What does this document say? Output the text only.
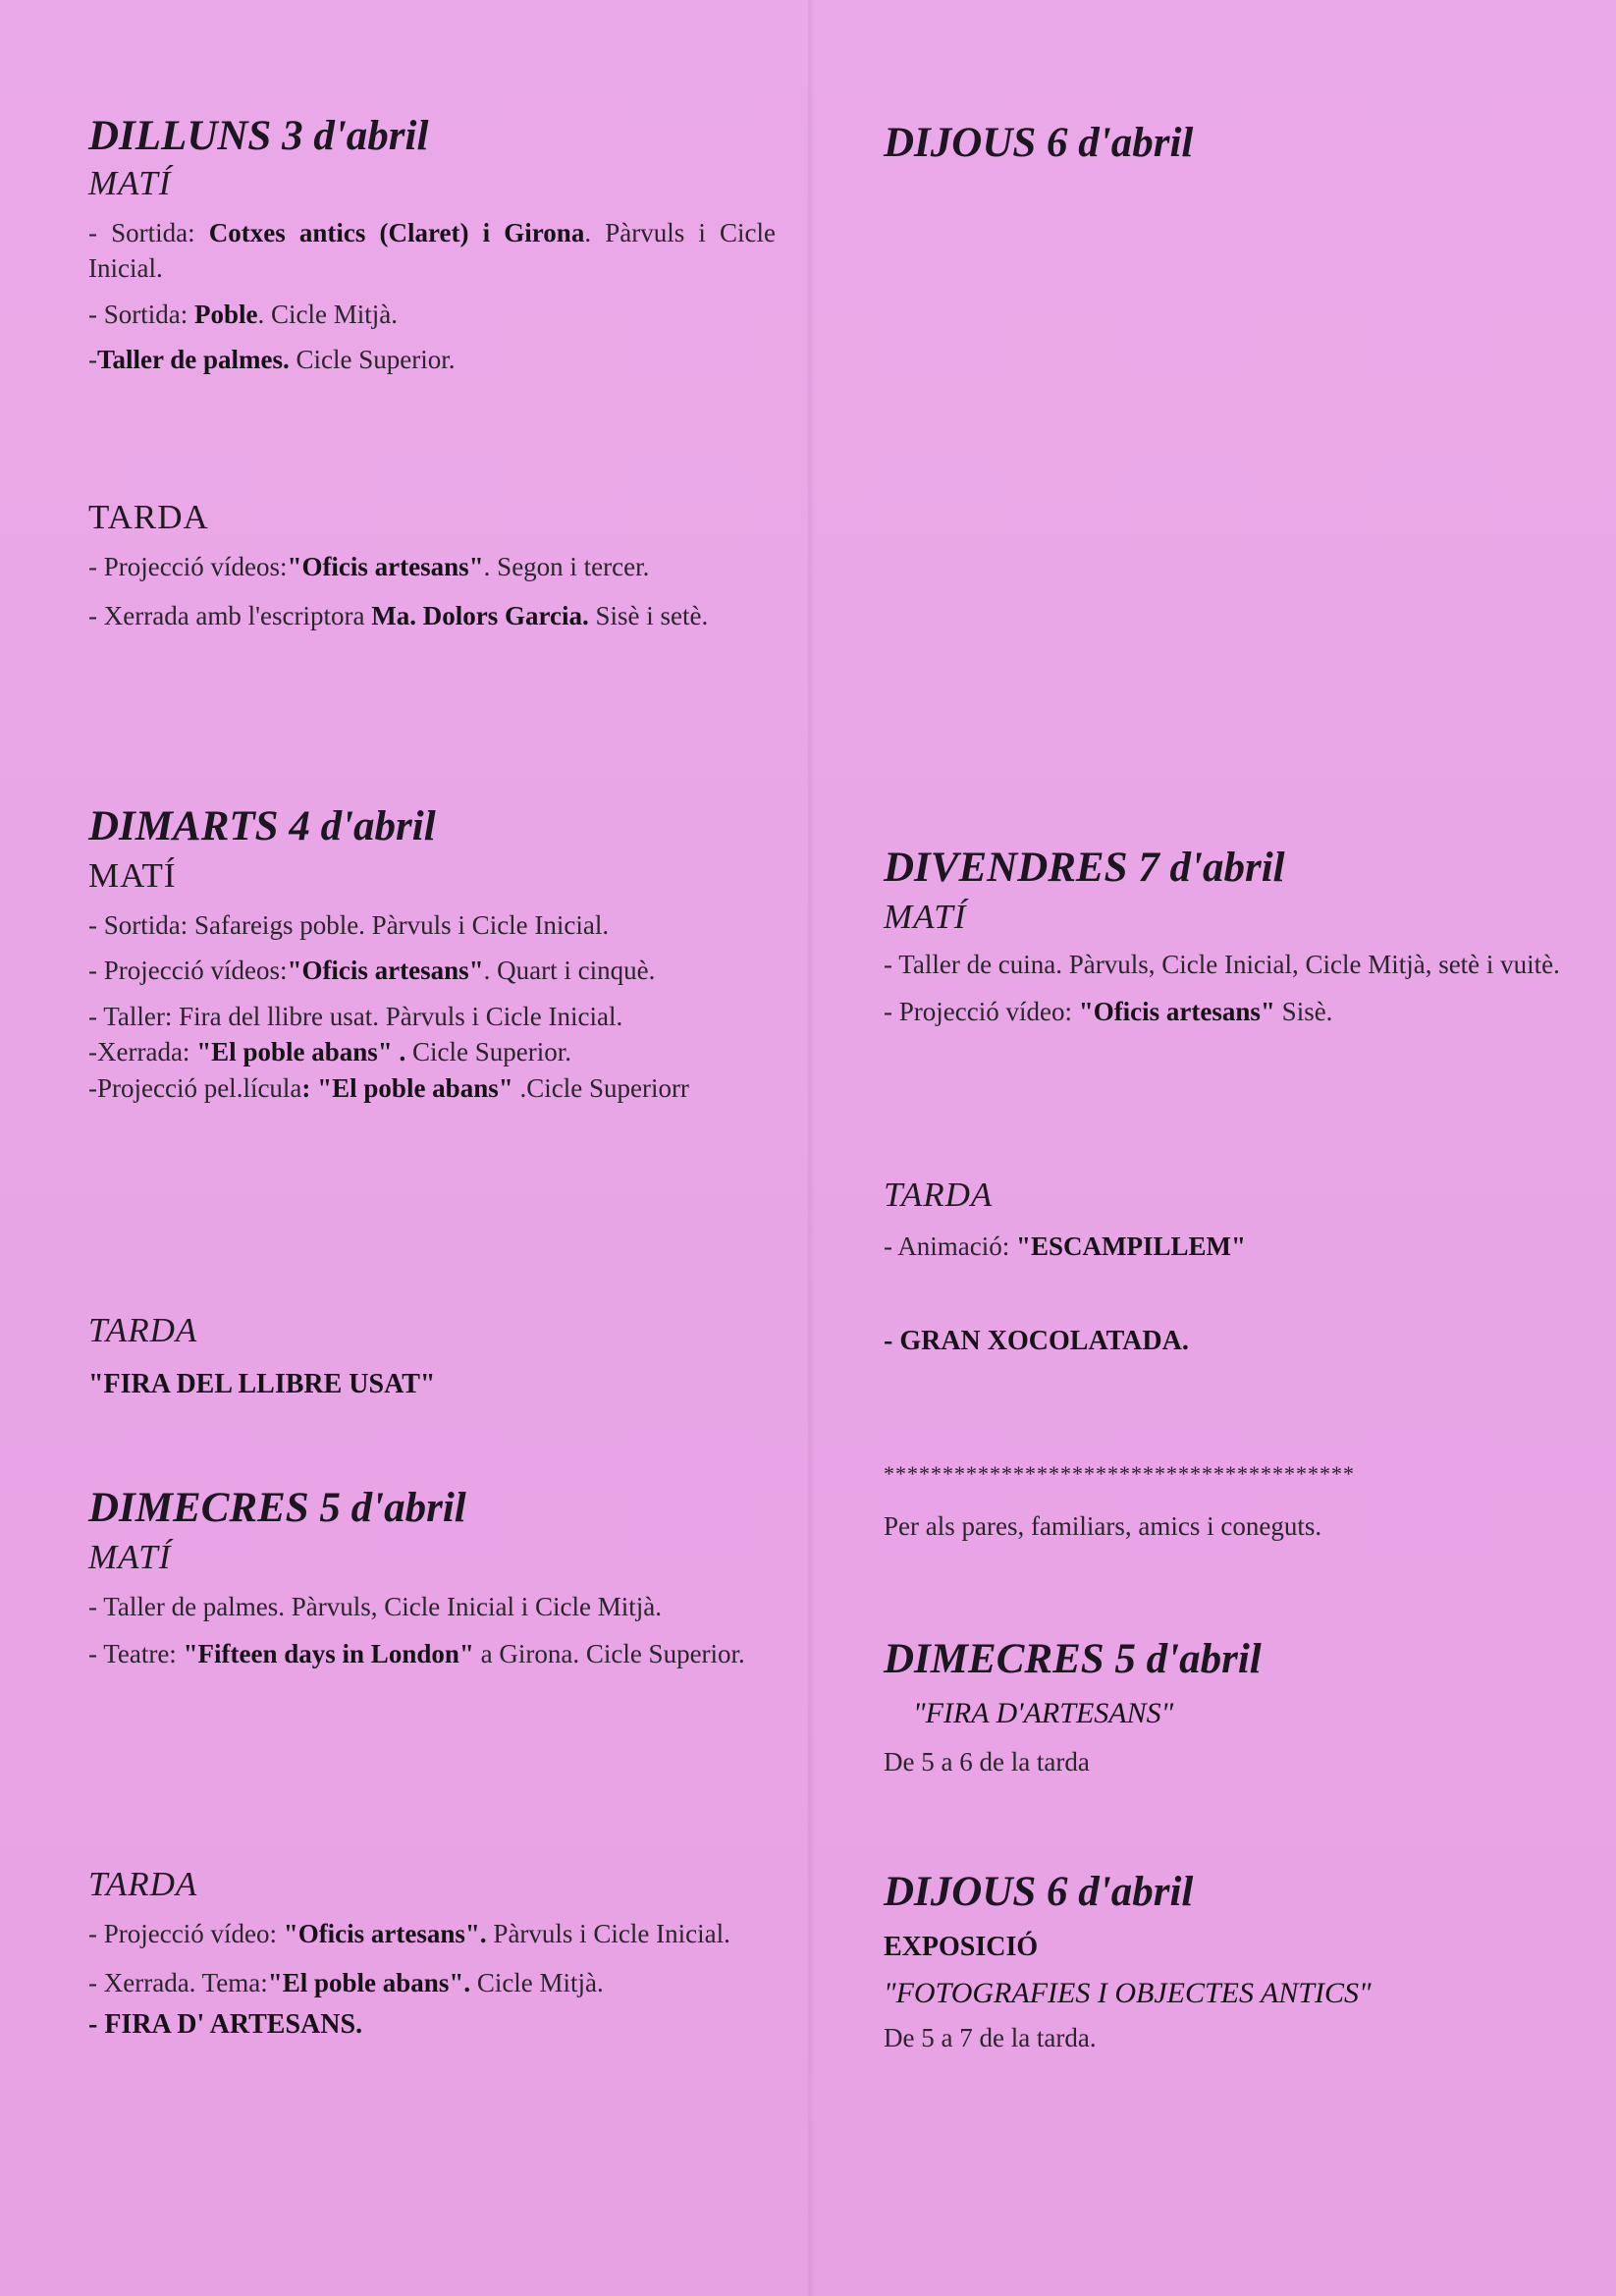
DILLUNS 3 d'abril

MATÍ

- Sortida: Cotxes antics (Claret) i Girona. Pàrvuls i Cicle Inicial.

- Sortida: Poble. Cicle Mitjà.

-Taller de palmes. Cicle Superior.

TARDA

- Projecció vídeos:"Oficis artesans". Segon i tercer.

- Xerrada amb l'escriptora Ma. Dolors Garcia. Sisè i setè.

DIMARTS 4 d'abril

MATÍ

- Sortida: Safareigs poble. Pàrvuls i Cicle Inicial.

- Projecció vídeos:"Oficis artesans". Quart i cinquè.

- Taller: Fira del llibre usat. Pàrvuls i Cicle Inicial.

-Xerrada: "El poble abans" . Cicle Superior.

-Projecció pel.lícula: "El poble abans" .Cicle Superiorr

TARDA

"FIRA DEL LLIBRE USAT"

DIMECRES 5 d'abril

MATÍ

- Taller de palmes. Pàrvuls, Cicle Inicial i Cicle Mitjà.

- Teatre: "Fifteen days in London" a Girona. Cicle Superior.

TARDA

- Projecció vídeo: "Oficis artesans". Pàrvuls i Cicle Inicial.

- Xerrada. Tema:"El poble abans". Cicle Mitjà.

- FIRA D' ARTESANS.

DIJOUS 6 d'abril

DIVENDRES 7 d'abril

MATÍ

- Taller de cuina. Pàrvuls, Cicle Inicial, Cicle Mitjà, setè i vuitè.

- Projecció vídeo: "Oficis artesans" Sisè.

TARDA

- Animació: "ESCAMPILLEM"

- GRAN XOCOLATADA.

****************************************

Per als pares, familiars, amics i coneguts.

DIMECRES 5 d'abril

"FIRA D'ARTESANS"

De 5 a 6 de la tarda

DIJOUS 6 d'abril

EXPOSICIÓ

"FOTOGRAFIES I OBJECTES ANTICS"

De 5 a 7 de la tarda.
